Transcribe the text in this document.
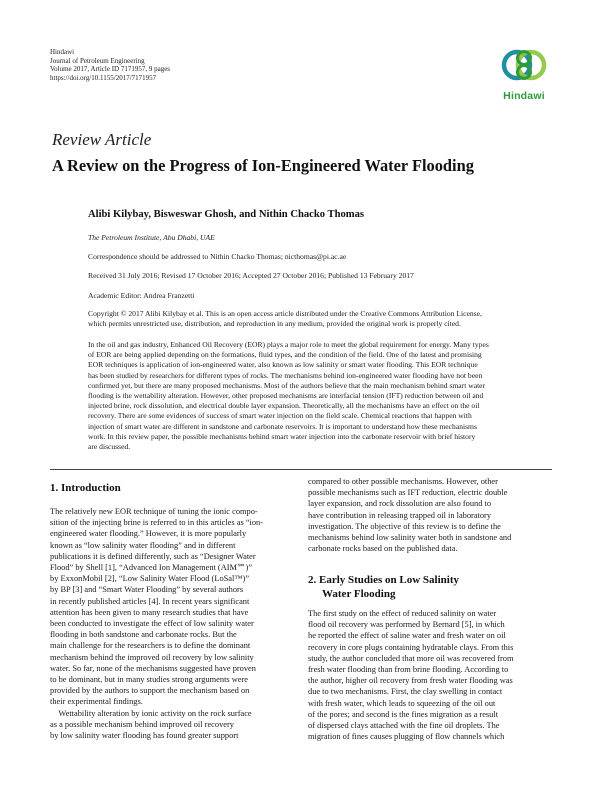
Hindawi
Journal of Petroleum Engineering
Volume 2017, Article ID 7171957, 9 pages
https://doi.org/10.1155/2017/7171957
Hindawi
Review Article
A Review on the Progress of Ion-Engineered Water Flooding
Alibi Kilybay, Bisweswar Ghosh, and Nithin Chacko Thomas
The Petroleum Institute, Abu Dhabi, UAE
Correspondence should be addressed to Nithin Chacko Thomas; nicthomas@pi.ac.ae
Received 31 July 2016; Revised 17 October 2016; Accepted 27 October 2016; Published 13 February 2017
Academic Editor: Andrea Franzetti
Copyright © 2017 Alibi Kilybay et al. This is an open access article distributed under the Creative Commons Attribution License,
which permits unrestricted use, distribution, and reproduction in any medium, provided the original work is properly cited.
In the oil and gas industry, Enhanced Oil Recovery (EOR) plays a major role to meet the global requirement for energy. Many types
of EOR are being applied depending on the formations, fluid types, and the condition of the field. One of the latest and promising
EOR techniques is application of ion-engineered water, also known as low salinity or smart water flooding. This EOR technique
has been studied by researchers for different types of rocks. The mechanisms behind ion-engineered water flooding have not been
confirmed yet, but there are many proposed mechanisms. Most of the authors believe that the main mechanism behind smart water
flooding is the wettability alteration. However, other proposed mechanisms are interfacial tension (IFT) reduction between oil and
injected brine, rock dissolution, and electrical double layer expansion. Theoretically, all the mechanisms have an effect on the oil
recovery. There are some evidences of success of smart water injection on the field scale. Chemical reactions that happen with
injection of smart water are different in sandstone and carbonate reservoirs. It is important to understand how these mechanisms
work. In this review paper, the possible mechanisms behind smart water injection into the carbonate reservoir with brief history
are discussed.
1. Introduction
The relatively new EOR technique of tuning the ionic compo-
sition of the injecting brine is referred to in this articles as “ion-
engineered water flooding.” However, it is more popularly
known as “low salinity water flooding” and in different
publications it is defined differently, such as “Designer Water
Flood” by Shell [1], “Advanced Ion Management (AIM℠)”
by ExxonMobil [2], “Low Salinity Water Flood (LoSal™)”
by BP [3] and “Smart Water Flooding” by several authors
in recently published articles [4]. In recent years significant
attention has been given to many research studies that have
been conducted to investigate the effect of low salinity water
flooding in both sandstone and carbonate rocks. But the
main challenge for the researchers is to define the dominant
mechanism behind the improved oil recovery by low salinity
water. So far, none of the mechanisms suggested have proven
to be dominant, but in many studies strong arguments were
provided by the authors to support the mechanism based on
their experimental findings.
 Wettability alteration by ionic activity on the rock surface
as a possible mechanism behind improved oil recovery
by low salinity water flooding has found greater support
compared to other possible mechanisms. However, other
possible mechanisms such as IFT reduction, electric double
layer expansion, and rock dissolution are also found to
have contribution in releasing trapped oil in laboratory
investigation. The objective of this review is to define the
mechanisms behind low salinity water both in sandstone and
carbonate rocks based on the published data.
2. Early Studies on Low Salinity
Water Flooding
The first study on the effect of reduced salinity on water
flood oil recovery was performed by Bernard [5], in which
he reported the effect of saline water and fresh water on oil
recovery in core plugs containing hydratable clays. From this
study, the author concluded that more oil was recovered from
fresh water flooding than from brine flooding. According to
the author, higher oil recovery from fresh water flooding was
due to two mechanisms. First, the clay swelling in contact
with fresh water, which leads to squeezing of the oil out
of the pores; and second is the fines migration as a result
of dispersed clays attached with the fine oil droplets. The
migration of fines causes plugging of flow channels which
